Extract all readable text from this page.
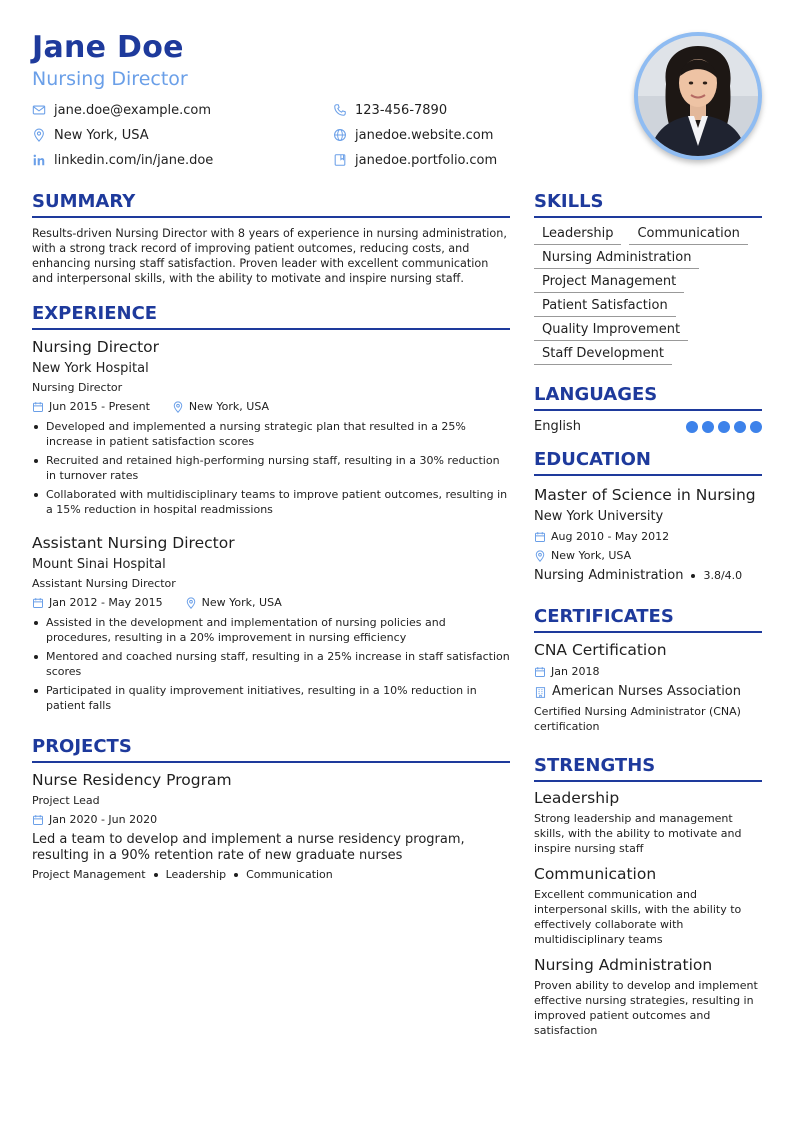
Jane Doe
Nursing Director
jane.doe@example.com	123-456-7890
New York, USA	janedoe.website.com
linkedin.com/in/jane.doe	janedoe.portfolio.com
SUMMARY
Results-driven Nursing Director with 8 years of experience in nursing administration, with a strong track record of improving patient outcomes, reducing costs, and enhancing nursing staff satisfaction. Proven leader with excellent communication and interpersonal skills, with the ability to motivate and inspire nursing staff.
EXPERIENCE
Nursing Director
New York Hospital
Nursing Director
Jun 2015 - Present	New York, USA
Developed and implemented a nursing strategic plan that resulted in a 25% increase in patient satisfaction scores
Recruited and retained high-performing nursing staff, resulting in a 30% reduction in turnover rates
Collaborated with multidisciplinary teams to improve patient outcomes, resulting in a 15% reduction in hospital readmissions
Assistant Nursing Director
Mount Sinai Hospital
Assistant Nursing Director
Jan 2012 - May 2015	New York, USA
Assisted in the development and implementation of nursing policies and procedures, resulting in a 20% improvement in nursing efficiency
Mentored and coached nursing staff, resulting in a 25% increase in staff satisfaction scores
Participated in quality improvement initiatives, resulting in a 10% reduction in patient falls
PROJECTS
Nurse Residency Program
Project Lead
Jan 2020 - Jun 2020
Led a team to develop and implement a nurse residency program, resulting in a 90% retention rate of new graduate nurses
Project Management Leadership Communication
SKILLS
Leadership	Communication
Nursing Administration
Project Management
Patient Satisfaction
Quality Improvement
Staff Development
LANGUAGES
English
EDUCATION
Master of Science in Nursing
New York University
Aug 2010 - May 2012
New York, USA
Nursing Administration 3.8/4.0
CERTIFICATES
CNA Certification
Jan 2018
American Nurses Association
Certified Nursing Administrator (CNA) certification
STRENGTHS
Leadership
Strong leadership and management skills, with the ability to motivate and inspire nursing staff
Communication
Excellent communication and interpersonal skills, with the ability to effectively collaborate with multidisciplinary teams
Nursing Administration
Proven ability to develop and implement effective nursing strategies, resulting in improved patient outcomes and satisfaction
